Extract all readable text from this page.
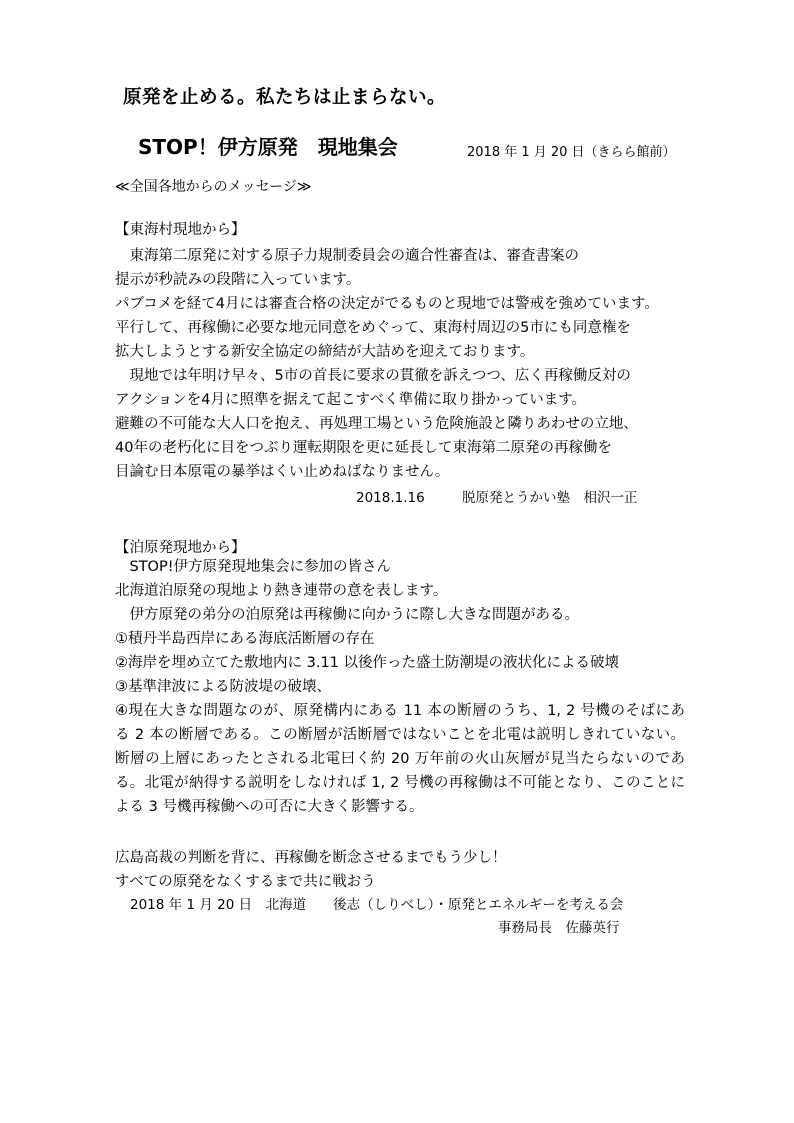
原発を止める。私たちは止まらない。
STOP！伊方原発　現地集会	2018 年 1 月 20 日（きらら館前）
≪全国各地からのメッセージ≫
【東海村現地から】
　東海第二原発に対する原子力規制委員会の適合性審査は、審査書案の
提示が秒読みの段階に入っています。
パブコメを経て4月には審査合格の決定がでるものと現地では警戒を強めています。
平行して、再稼働に必要な地元同意をめぐって、東海村周辺の5市にも同意権を
拡大しようとする新安全協定の締結が大詰めを迎えております。
　現地では年明け早々、5市の首長に要求の貫徹を訴えつつ、広く再稼働反対の
アクションを4月に照準を据えて起こすべく準備に取り掛かっています。
避難の不可能な大人口を抱え、再処理工場という危険施設と隣りあわせの立地、
40年の老朽化に目をつぶり運転期限を更に延長して東海第二原発の再稼働を
目論む日本原電の暴挙はくい止めねばなりません。
2018.1.16	脱原発とうかい塾　相沢一正
【泊原発現地から】
　STOP!伊方原発現地集会に参加の皆さん
北海道泊原発の現地より熱き連帯の意を表します。
　伊方原発の弟分の泊原発は再稼働に向かうに際し大きな問題がある。
①積丹半島西岸にある海底活断層の存在
②海岸を埋め立てた敷地内に 3.11 以後作った盛土防潮堤の液状化による破壊
③基準津波による防波堤の破壊、
④現在大きな問題なのが、原発構内にある 11 本の断層のうち、1, 2 号機のそばにあ
る 2 本の断層である。この断層が活断層ではないことを北電は説明しきれていない。
断層の上層にあったとされる北電曰く約 20 万年前の火山灰層が見当たらないのであ
る。北電が納得する説明をしなければ 1, 2 号機の再稼働は不可能となり、このことに
よる 3 号機再稼働への可否に大きく影響する。
広島高裁の判断を背に、再稼働を断念させるまでもう少し！
すべての原発をなくするまで共に戦おう
2018 年 1 月 20 日　北海道　　後志（しりべし）・原発とエネルギーを考える会
事務局長　佐藤英行
